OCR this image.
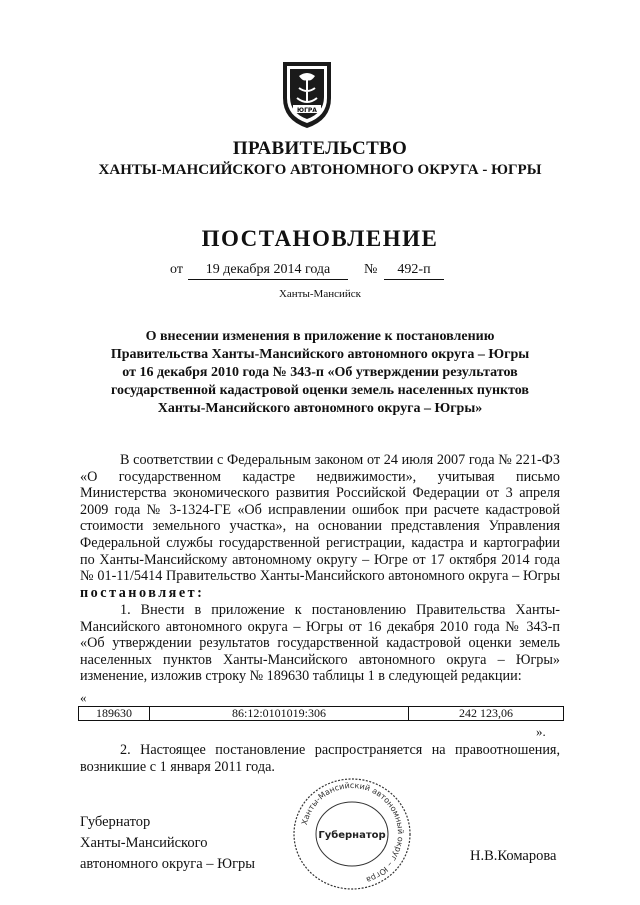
ЮГРА
ПРАВИТЕЛЬСТВО
ХАНТЫ-МАНСИЙСКОГО АВТОНОМНОГО ОКРУГА - ЮГРЫ
ПОСТАНОВЛЕНИЕ
от	19 декабря 2014 года	№	492-п
Ханты-Мансийск
О внесении изменения в приложение к постановлению
Правительства Ханты-Мансийского автономного округа – Югры
от 16 декабря 2010 года № 343-п «Об утверждении результатов
государственной кадастровой оценки земель населенных пунктов
Ханты-Мансийского автономного округа – Югры»
В соответствии с Федеральным законом от 24 июля 2007 года № 221-ФЗ «О государственном кадастре недвижимости», учитывая письмо Министерства экономического развития Российской Федерации от 3 апреля 2009 года № 3-1324-ГЕ «Об исправлении ошибок при расчете кадастровой стоимости земельного участка», на основании представления Управления Федеральной службы государственной регистрации, кадастра и картографии по Ханты-Мансийскому автономному округу – Югре от 17 октября 2014 года № 01-11/5414 Правительство Ханты-Мансийского автономного округа – Югры постановляет:
1. Внести в приложение к постановлению Правительства Ханты-Мансийского автономного округа – Югры от 16 декабря 2010 года № 343-п «Об утверждении результатов государственной кадастровой оценки земель населенных пунктов Ханты-Мансийского автономного округа – Югры» изменение, изложив строку № 189630 таблицы 1 в следующей редакции:
«
189630	86:12:0101019:306	242 123,06
».
2. Настоящее постановление распространяется на правоотношения, возникшие с 1 января 2011 года.
Губернатор
Ханты-Мансийского
автономного округа – Югры	Н.В.Комарова
Ханты-Мансийский автономный округ – Югра
Губернатор
